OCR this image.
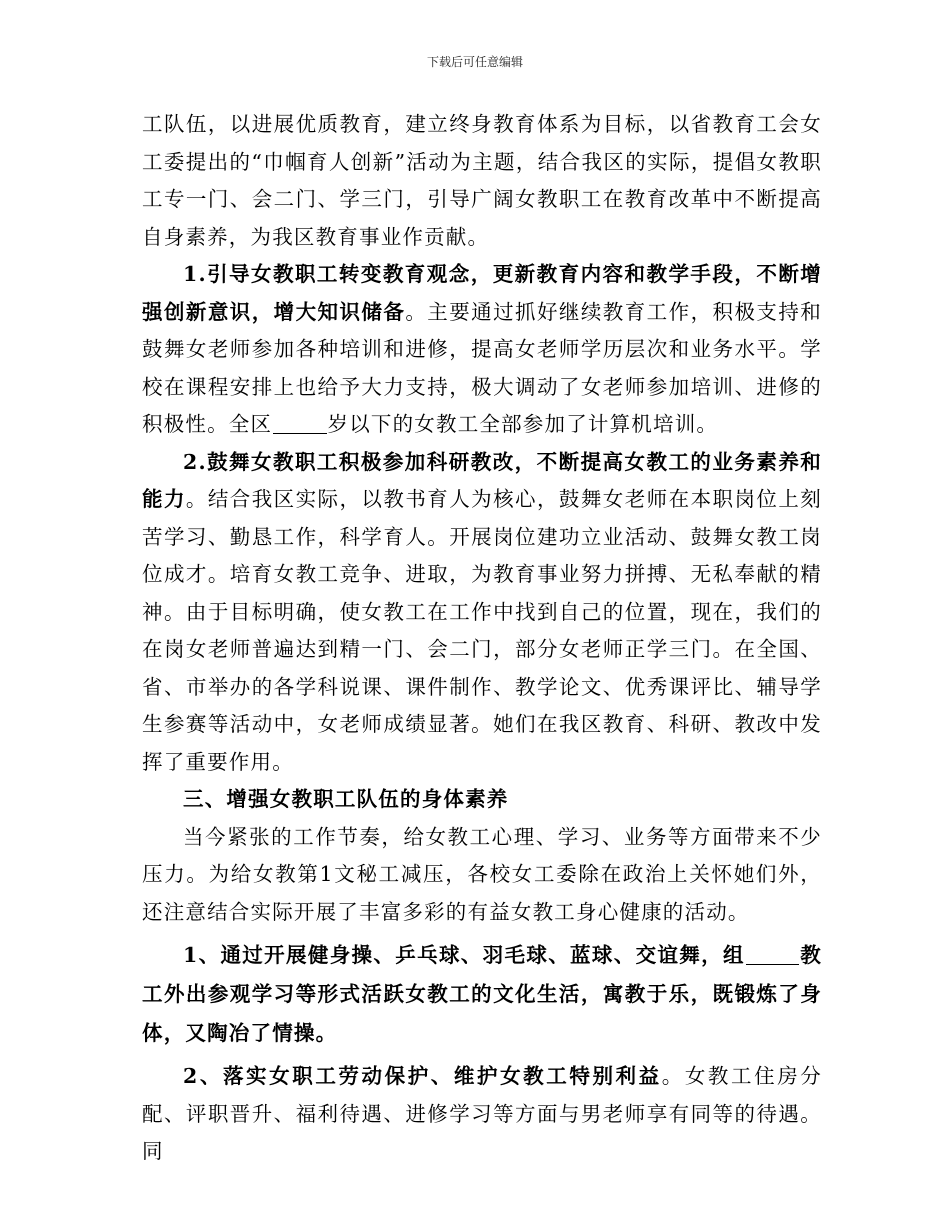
下载后可任意编辑

工队伍，以进展优质教育，建立终身教育体系为目标，以省教育工会女工委提出的“巾帼育人创新”活动为主题，结合我区的实际，提倡女教职工专一门、会二门、学三门，引导广阔女教职工在教育改革中不断提高自身素养，为我区教育事业作贡献。

1.引导女教职工转变教育观念，更新教育内容和教学手段，不断增强创新意识，增大知识储备。主要通过抓好继续教育工作，积极支持和鼓舞女老师参加各种培训和进修，提高女老师学历层次和业务水平。学校在课程安排上也给予大力支持，极大调动了女老师参加培训、进修的积极性。全区	岁以下的女教工全部参加了计算机培训。

2.鼓舞女教职工积极参加科研教改，不断提高女教工的业务素养和能力。结合我区实际，以教书育人为核心，鼓舞女老师在本职岗位上刻苦学习、勤恳工作，科学育人。开展岗位建功立业活动、鼓舞女教工岗位成才。培育女教工竞争、进取，为教育事业努力拼搏、无私奉献的精神。由于目标明确，使女教工在工作中找到自己的位置，现在，我们的在岗女老师普遍达到精一门、会二门，部分女老师正学三门。在全国、省、市举办的各学科说课、课件制作、教学论文、优秀课评比、辅导学生参赛等活动中，女老师成绩显著。她们在我区教育、科研、教改中发挥了重要作用。

三、增强女教职工队伍的身体素养

当今紧张的工作节奏，给女教工心理、学习、业务等方面带来不少压力。为给女教第1文秘工减压，各校女工委除在政治上关怀她们外，还注意结合实际开展了丰富多彩的有益女教工身心健康的活动。

1、通过开展健身操、乒乓球、羽毛球、蓝球、交谊舞，组	教工外出参观学习等形式活跃女教工的文化生活，寓教于乐，既锻炼了身体，又陶冶了情操。

2、落实女职工劳动保护、维护女教工特别利益。女教工住房分配、评职晋升、福利待遇、进修学习等方面与男老师享有同等的待遇。同
